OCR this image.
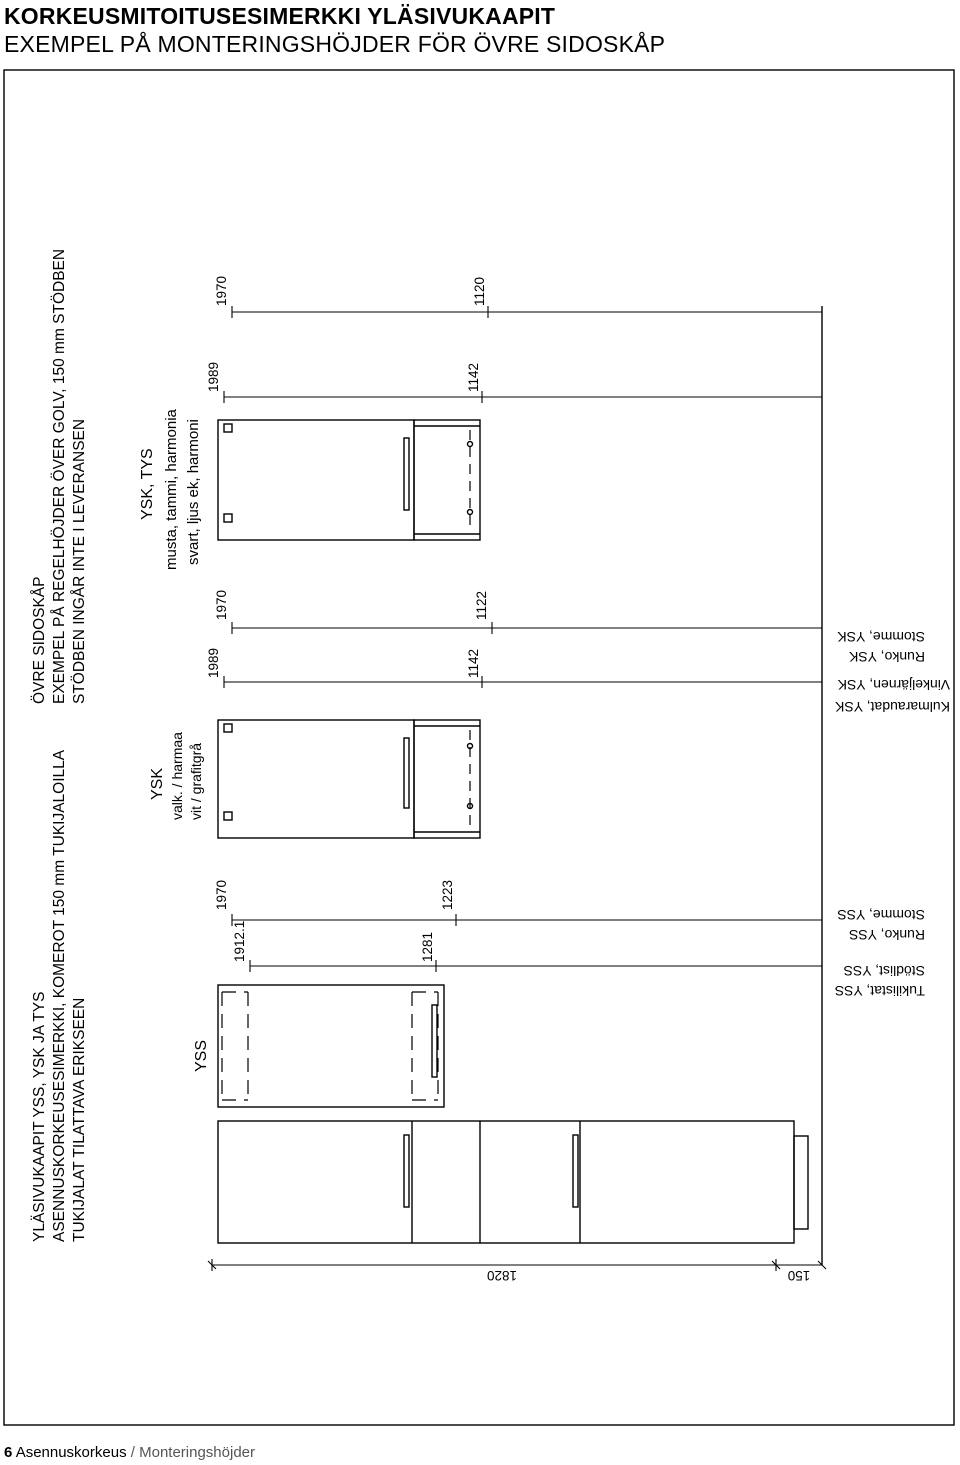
KORKEUSMITOITUSESIMERKKI YLÄSIVUKAAPIT
EXEMPEL PÅ MONTERINGSHÖJDER FÖR ÖVRE SIDOSKÅP
YLÄSIVUKAAPIT YSS, YSK JA TYS ASENNUSKORKEUSESIMERKKI, KOMEROT 150 mm TUKIJALOILLA TUKIJALAT TILATTAVA ERIKSEEN
ÖVRE SIDOSKÅP EXEMPEL PÅ REGELHÖJDER ÖVER GOLV, 150 mm STÖDBEN STÖDBEN INGÅR INTE I LEVERANSEN
YSS
YSK valk. / harmaa vit / grafitgrå
YSK, TYS musta, tammi, harmonia svart, ljus ek, harmoni
1970
1912.1	1281
1223
1989
1970
1142
1122
1989
1970
1142
1120
1820	150
Tukilistat, YSS
Stödlist, YSS
Runko, YSS
Stomme, YSS
Kulmaraudat, YSK
Vinkeljärnen, YSK
Runko, YSK
Stomme, YSK
6 Asennuskorkeus / Monteringshöjder
